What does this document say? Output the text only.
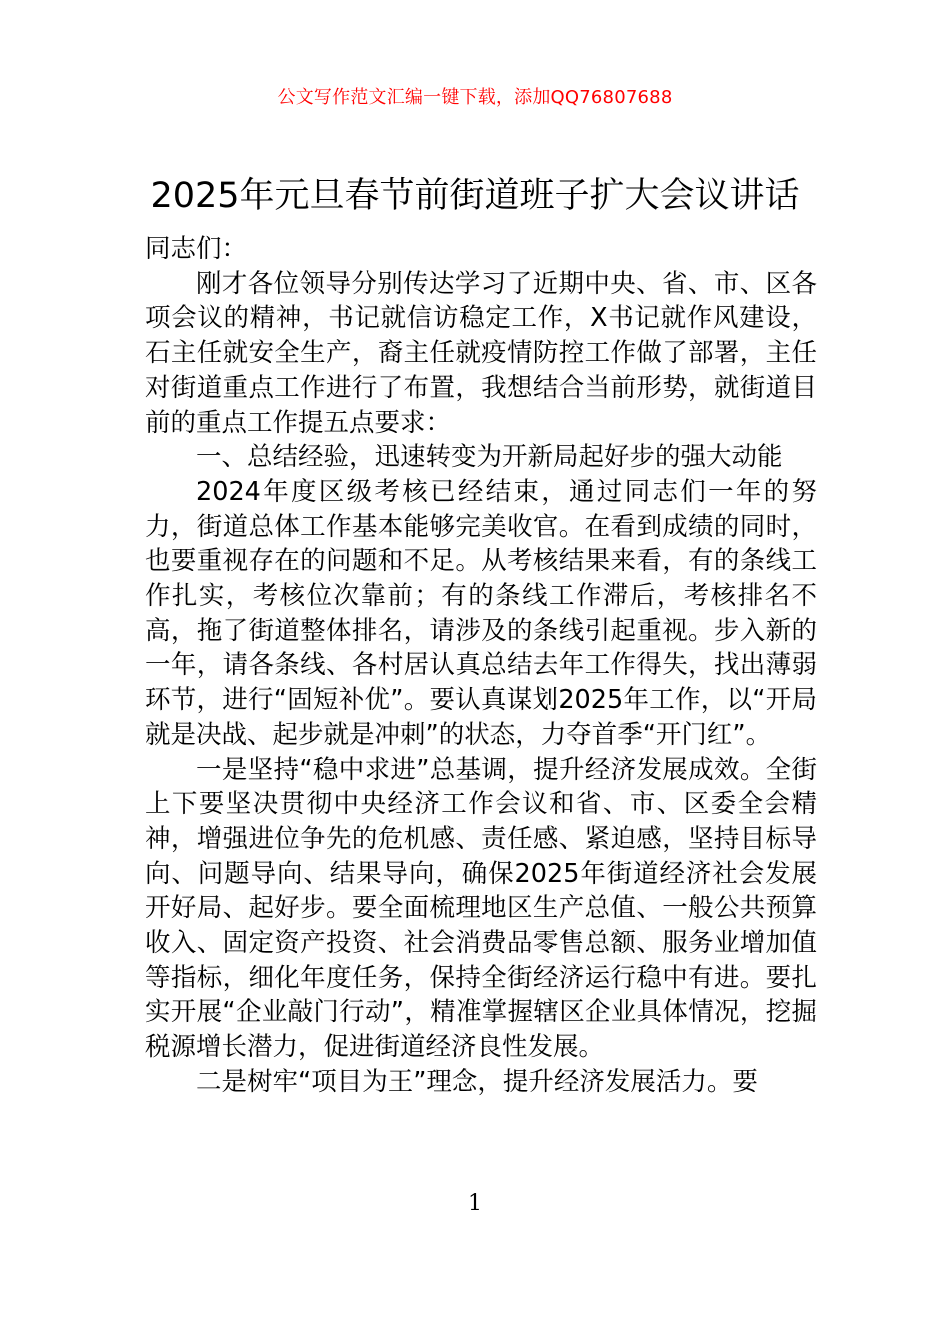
公文写作范文汇编一键下载，添加QQ76807688
2025年元旦春节前街道班子扩大会议讲话

同志们：

刚才各位领导分别传达学习了近期中央、省、市、区各项会议的精神，书记就信访稳定工作，X书记就作风建设，石主任就安全生产，裔主任就疫情防控工作做了部署，主任对街道重点工作进行了布置，我想结合当前形势，就街道目前的重点工作提五点要求：

一、总结经验，迅速转变为开新局起好步的强大动能

2024年度区级考核已经结束，通过同志们一年的努力，街道总体工作基本能够完美收官。在看到成绩的同时，也要重视存在的问题和不足。从考核结果来看，有的条线工作扎实，考核位次靠前；有的条线工作滞后，考核排名不高，拖了街道整体排名，请涉及的条线引起重视。步入新的一年，请各条线、各村居认真总结去年工作得失，找出薄弱环节，进行“固短补优”。要认真谋划2025年工作，以“开局就是决战、起步就是冲刺”的状态，力夺首季“开门红”。

一是坚持“稳中求进”总基调，提升经济发展成效。全街上下要坚决贯彻中央经济工作会议和省、市、区委全会精神，增强进位争先的危机感、责任感、紧迫感，坚持目标导向、问题导向、结果导向，确保2025年街道经济社会发展开好局、起好步。要全面梳理地区生产总值、一般公共预算收入、固定资产投资、社会消费品零售总额、服务业增加值等指标，细化年度任务，保持全街经济运行稳中有进。要扎实开展“企业敲门行动”，精准掌握辖区企业具体情况，挖掘税源增长潜力，促进街道经济良性发展。

二是树牢“项目为王”理念，提升经济发展活力。要

1
